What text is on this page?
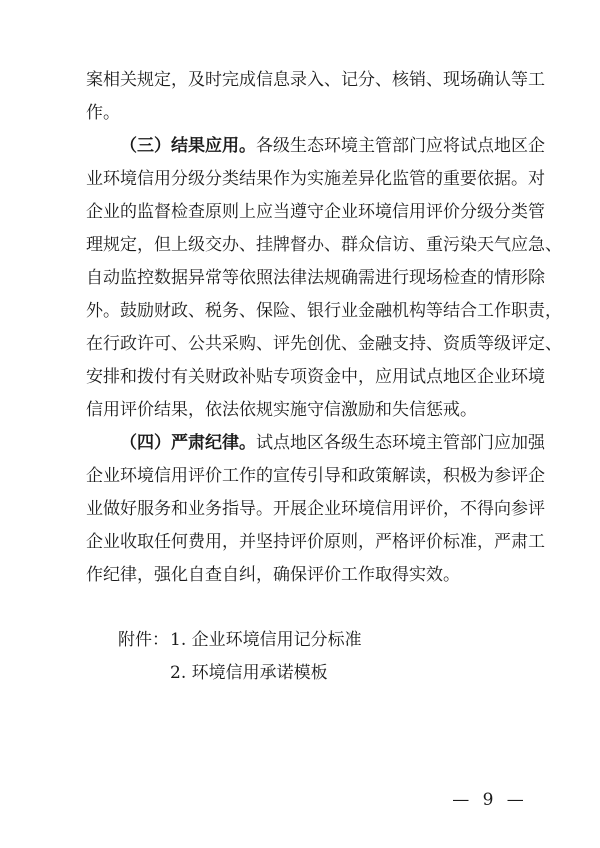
案相关规定，及时完成信息录入、记分、核销、现场确认等工
作。
（三）结果应用。各级生态环境主管部门应将试点地区企
业环境信用分级分类结果作为实施差异化监管的重要依据。对
企业的监督检查原则上应当遵守企业环境信用评价分级分类管
理规定，但上级交办、挂牌督办、群众信访、重污染天气应急、
自动监控数据异常等依照法律法规确需进行现场检查的情形除
外。鼓励财政、税务、保险、银行业金融机构等结合工作职责，
在行政许可、公共采购、评先创优、金融支持、资质等级评定、
安排和拨付有关财政补贴专项资金中，应用试点地区企业环境
信用评价结果，依法依规实施守信激励和失信惩戒。
（四）严肃纪律。试点地区各级生态环境主管部门应加强
企业环境信用评价工作的宣传引导和政策解读，积极为参评企
业做好服务和业务指导。开展企业环境信用评价，不得向参评
企业收取任何费用，并坚持评价原则，严格评价标准，严肃工
作纪律，强化自查自纠，确保评价工作取得实效。
附件： 1. 企业环境信用记分标准
2. 环境信用承诺模板
— 9 —
